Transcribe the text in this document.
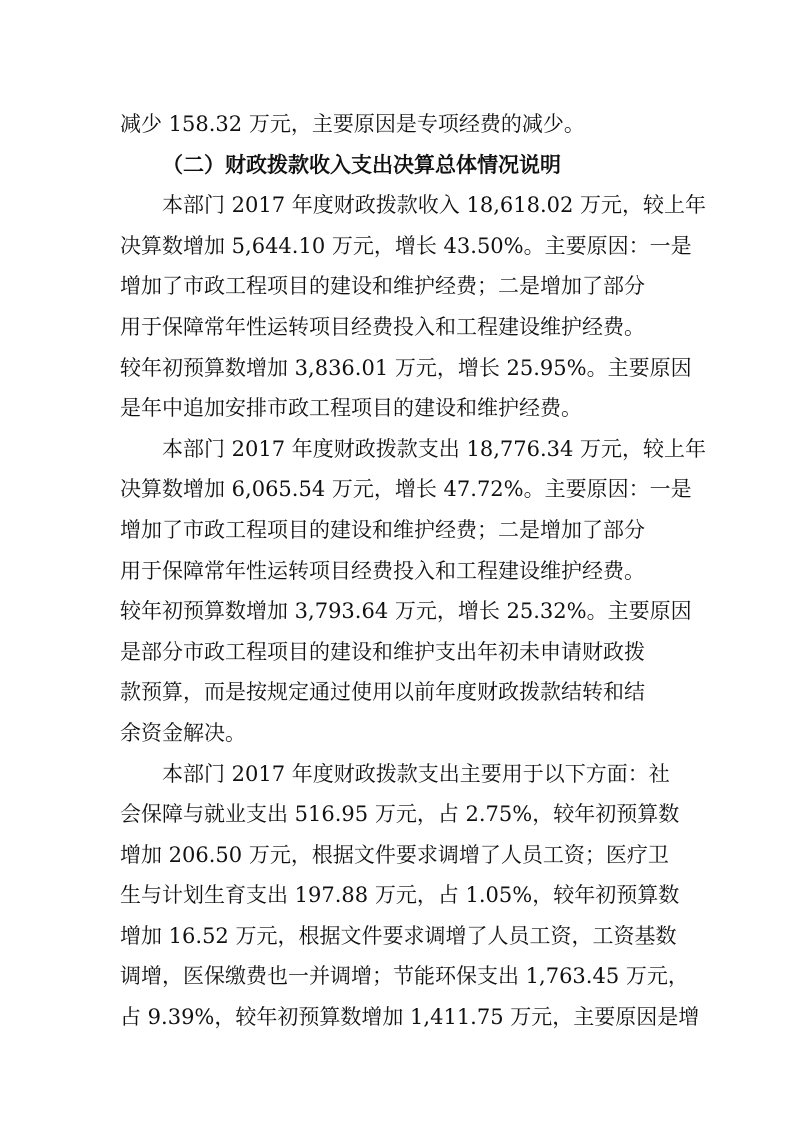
减少 158.32 万元，主要原因是专项经费的减少。
（二）财政拨款收入支出决算总体情况说明
本部门 2017 年度财政拨款收入 18,618.02 万元，较上年
决算数增加 5,644.10 万元，增长 43.50%。主要原因：一是
增加了市政工程项目的建设和维护经费；二是增加了部分
用于保障常年性运转项目经费投入和工程建设维护经费。
较年初预算数增加 3,836.01 万元，增长 25.95%。主要原因
是年中追加安排市政工程项目的建设和维护经费。
本部门 2017 年度财政拨款支出 18,776.34 万元，较上年
决算数增加 6,065.54 万元，增长 47.72%。主要原因：一是
增加了市政工程项目的建设和维护经费；二是增加了部分
用于保障常年性运转项目经费投入和工程建设维护经费。
较年初预算数增加 3,793.64 万元，增长 25.32%。主要原因
是部分市政工程项目的建设和维护支出年初未申请财政拨
款预算，而是按规定通过使用以前年度财政拨款结转和结
余资金解决。
本部门 2017 年度财政拨款支出主要用于以下方面：社
会保障与就业支出 516.95 万元，占 2.75%，较年初预算数
增加 206.50 万元，根据文件要求调增了人员工资；医疗卫
生与计划生育支出 197.88 万元，占 1.05%，较年初预算数
增加 16.52 万元，根据文件要求调增了人员工资，工资基数
调增，医保缴费也一并调增；节能环保支出 1,763.45 万元，
占 9.39%，较年初预算数增加 1,411.75 万元，主要原因是增
